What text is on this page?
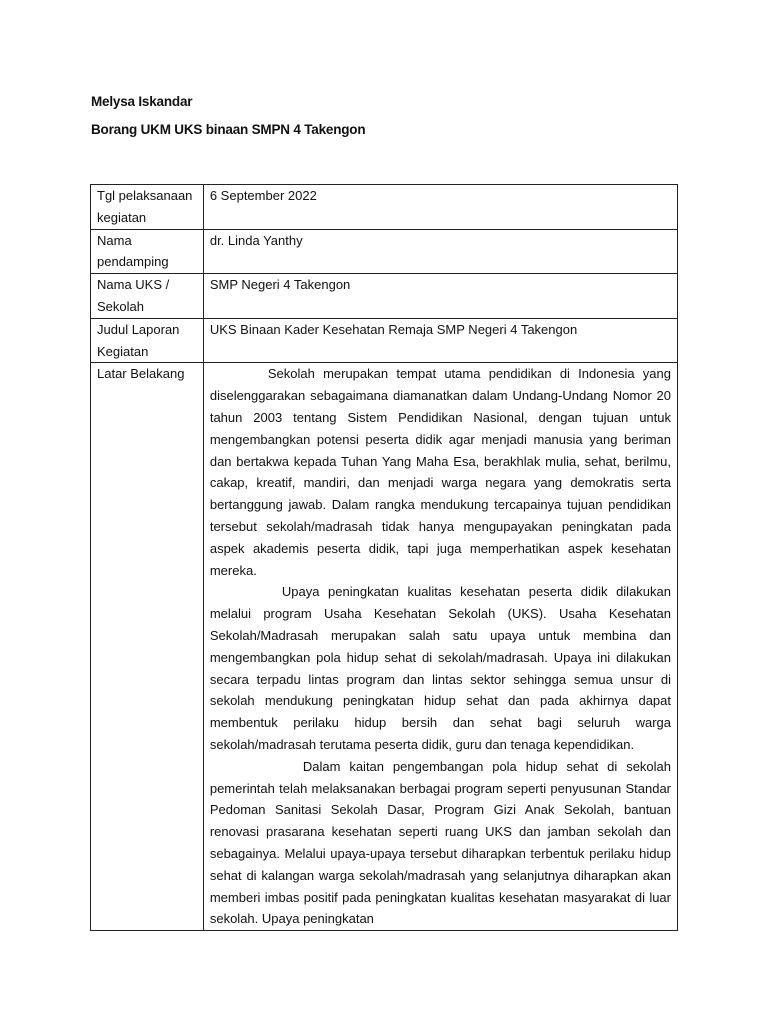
Melysa Iskandar

Borang UKM UKS binaan SMPN 4 Takengon

Tgl pelaksanaan kegiatan	6 September 2022
Nama pendamping	dr. Linda Yanthy
Nama UKS / Sekolah	SMP Negeri 4 Takengon
Judul Laporan Kegiatan	UKS Binaan Kader Kesehatan Remaja SMP Negeri 4 Takengon
Latar Belakang	Sekolah merupakan tempat utama pendidikan di Indonesia yang diselenggarakan sebagaimana diamanatkan dalam Undang-Undang Nomor 20 tahun 2003 tentang Sistem Pendidikan Nasional, dengan tujuan untuk mengembangkan potensi peserta didik agar menjadi manusia yang beriman dan bertakwa kepada Tuhan Yang Maha Esa, berakhlak mulia, sehat, berilmu, cakap, kreatif, mandiri, dan menjadi warga negara yang demokratis serta bertanggung jawab. Dalam rangka mendukung tercapainya tujuan pendidikan tersebut sekolah/madrasah tidak hanya mengupayakan peningkatan pada aspek akademis peserta didik, tapi juga memperhatikan aspek kesehatan mereka.

Upaya peningkatan kualitas kesehatan peserta didik dilakukan melalui program Usaha Kesehatan Sekolah (UKS). Usaha Kesehatan Sekolah/Madrasah merupakan salah satu upaya untuk membina dan mengembangkan pola hidup sehat di sekolah/madrasah. Upaya ini dilakukan secara terpadu lintas program dan lintas sektor sehingga semua unsur di sekolah mendukung peningkatan hidup sehat dan pada akhirnya dapat membentuk perilaku hidup bersih dan sehat bagi seluruh warga sekolah/madrasah terutama peserta didik, guru dan tenaga kependidikan.

Dalam kaitan pengembangan pola hidup sehat di sekolah pemerintah telah melaksanakan berbagai program seperti penyusunan Standar Pedoman Sanitasi Sekolah Dasar, Program Gizi Anak Sekolah, bantuan renovasi prasarana kesehatan seperti ruang UKS dan jamban sekolah dan sebagainya. Melalui upaya-upaya tersebut diharapkan terbentuk perilaku hidup sehat di kalangan warga sekolah/madrasah yang selanjutnya diharapkan akan memberi imbas positif pada peningkatan kualitas kesehatan masyarakat di luar sekolah. Upaya peningkatan
